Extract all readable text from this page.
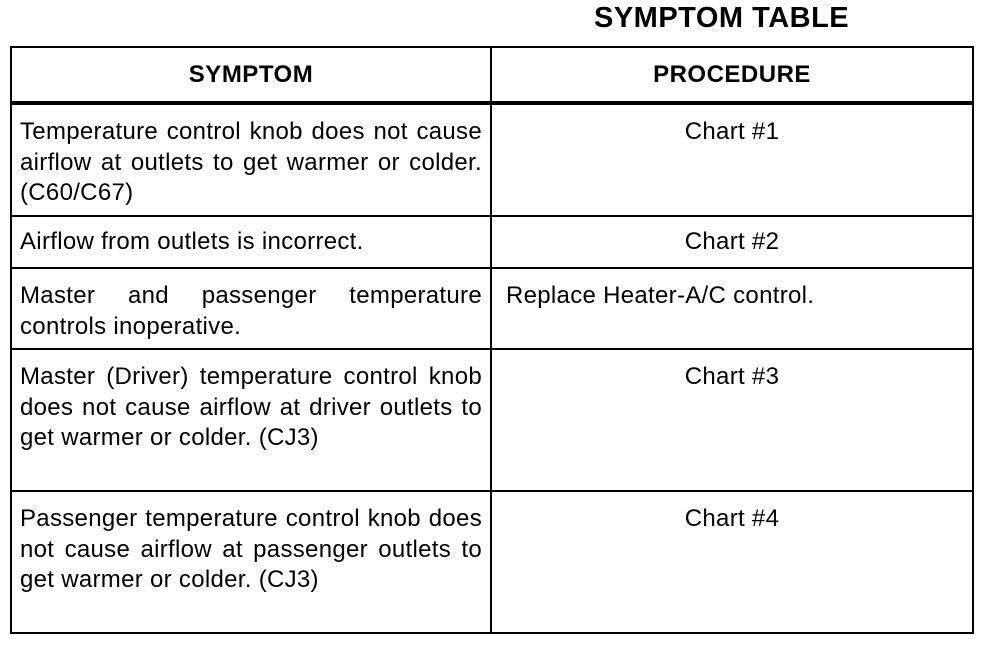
SYMPTOM TABLE
SYMPTOM	PROCEDURE
Temperature control knob does not cause airflow at outlets to get warmer or colder. (C60/C67)	Chart #1
Airflow from outlets is incorrect.	Chart #2
Master and passenger temperature controls inoperative.	Replace Heater-A/C control.
Master (Driver) temperature control knob does not cause airflow at driver outlets to get warmer or colder. (CJ3)	Chart #3
Passenger temperature control knob does not cause airflow at passenger outlets to get warmer or colder. (CJ3)	Chart #4
